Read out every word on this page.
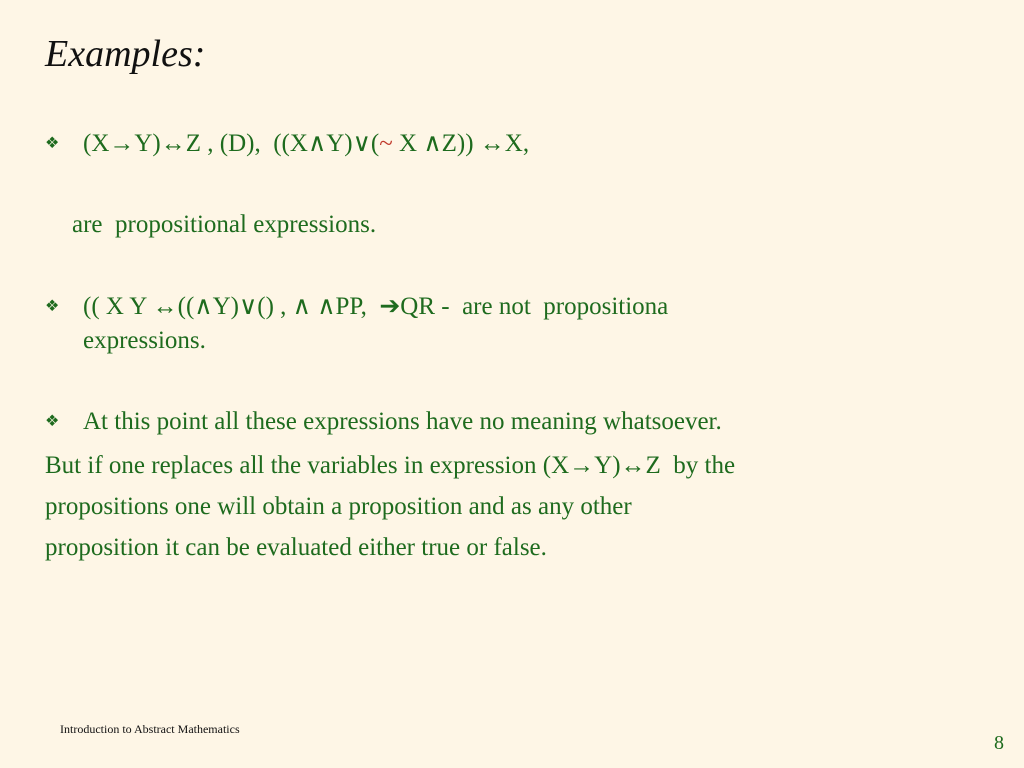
Examples:
❖ (X→Y)↔Z , (D),  ((X∧Y)∨(~ X ∧Z)) ↔X,
are  propositional expressions.
❖ (( X Y ↔((∧Y)∨() , ∧ ∧PP,  ➔QR -  are not  propositiona
expressions.
❖ At this point all these expressions have no meaning whatsoever.
But if one replaces all the variables in expression (X→Y)↔Z  by the
propositions one will obtain a proposition and as any other
proposition it can be evaluated either true or false.
Introduction to Abstract Mathematics
8
